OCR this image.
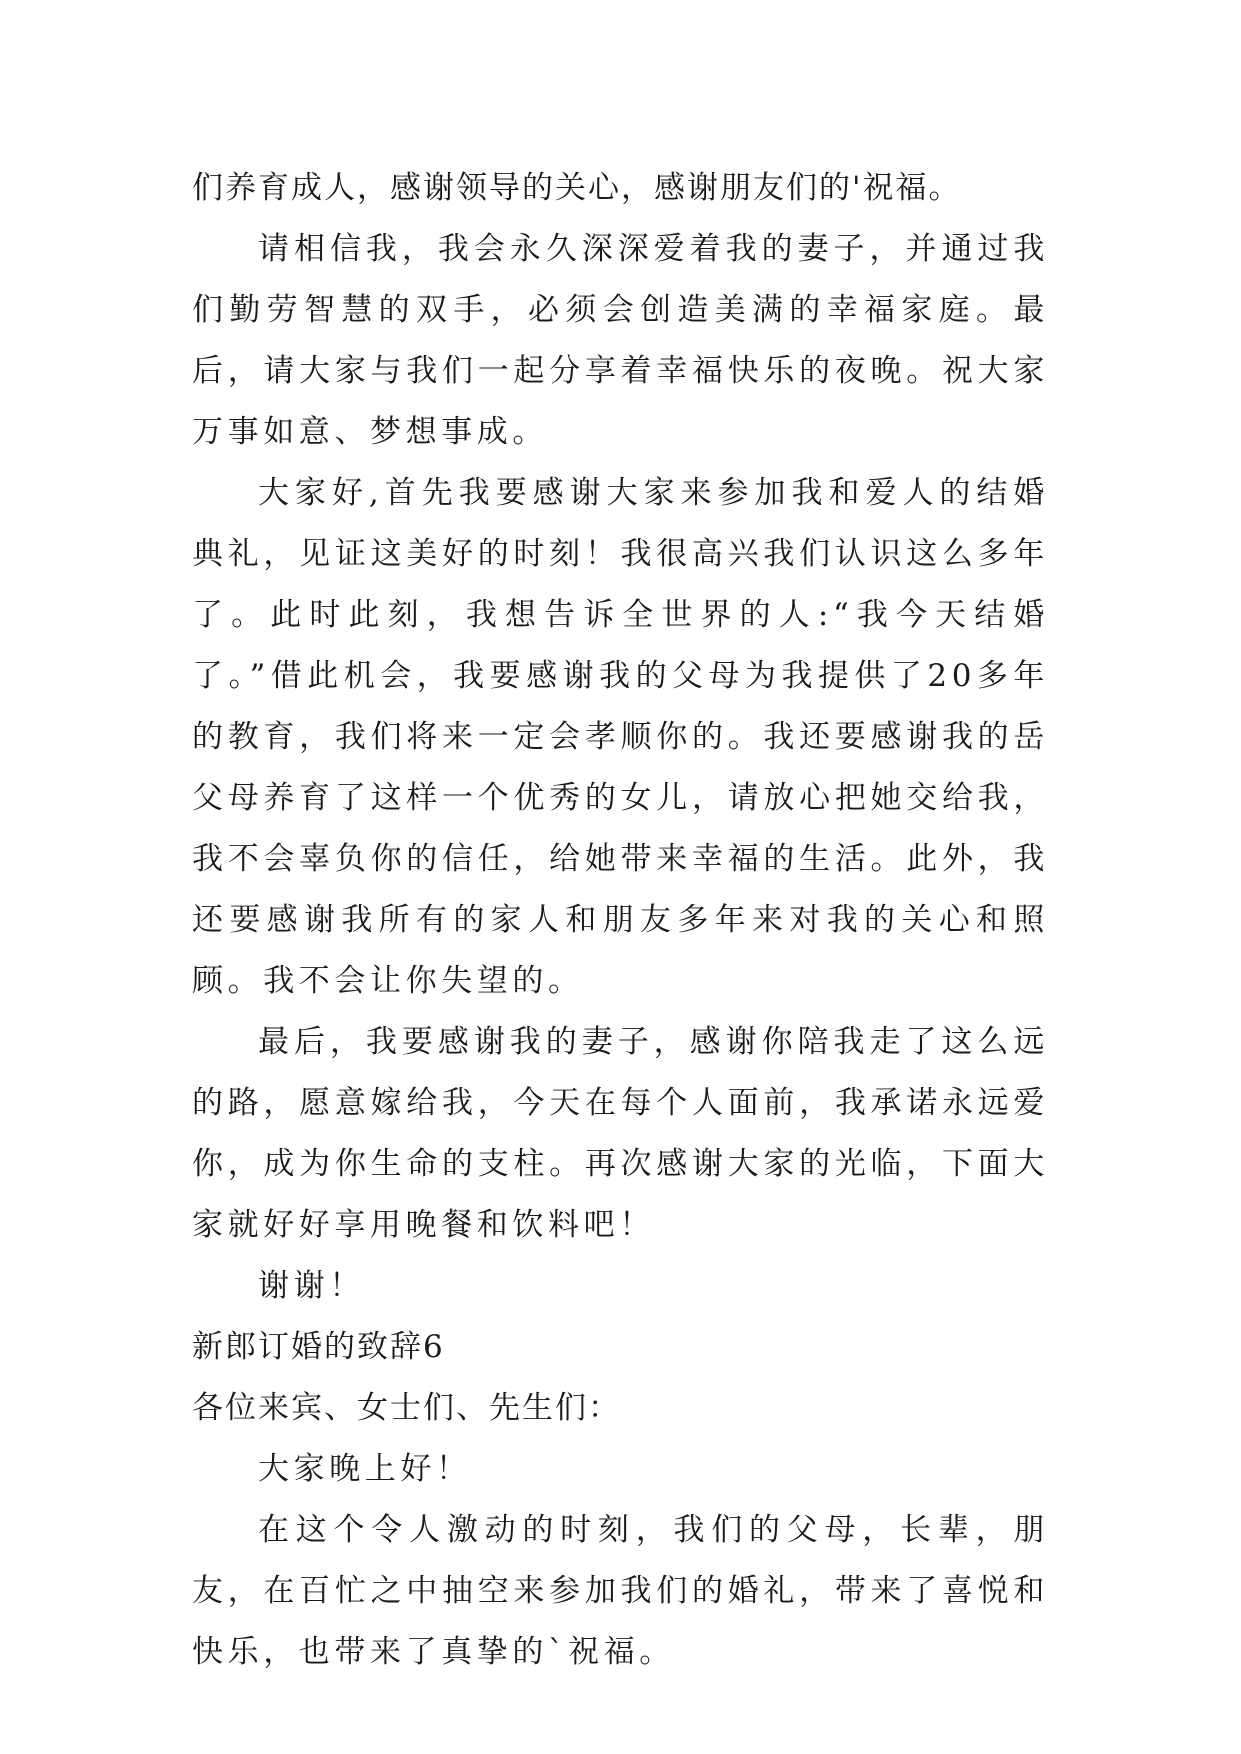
们养育成人，感谢领导的关心，感谢朋友们的'祝福。

请相信我，我会永久深深爱着我的妻子，并通过我们勤劳智慧的双手，必须会创造美满的幸福家庭。最后，请大家与我们一起分享着幸福快乐的夜晚。祝大家万事如意、梦想事成。

大家好,首先我要感谢大家来参加我和爱人的结婚典礼，见证这美好的时刻！我很高兴我们认识这么多年了。此时此刻，我想告诉全世界的人:“我今天结婚了。”借此机会，我要感谢我的父母为我提供了20多年的教育，我们将来一定会孝顺你的。我还要感谢我的岳父母养育了这样一个优秀的女儿，请放心把她交给我，我不会辜负你的信任，给她带来幸福的生活。此外，我还要感谢我所有的家人和朋友多年来对我的关心和照顾。我不会让你失望的。

最后，我要感谢我的妻子，感谢你陪我走了这么远的路，愿意嫁给我，今天在每个人面前，我承诺永远爱你，成为你生命的支柱。再次感谢大家的光临，下面大家就好好享用晚餐和饮料吧！

谢谢！

新郎订婚的致辞6

各位来宾、女士们、先生们：

大家晚上好！

在这个令人激动的时刻，我们的父母，长辈，朋友，在百忙之中抽空来参加我们的婚礼，带来了喜悦和快乐，也带来了真挚的`祝福。
